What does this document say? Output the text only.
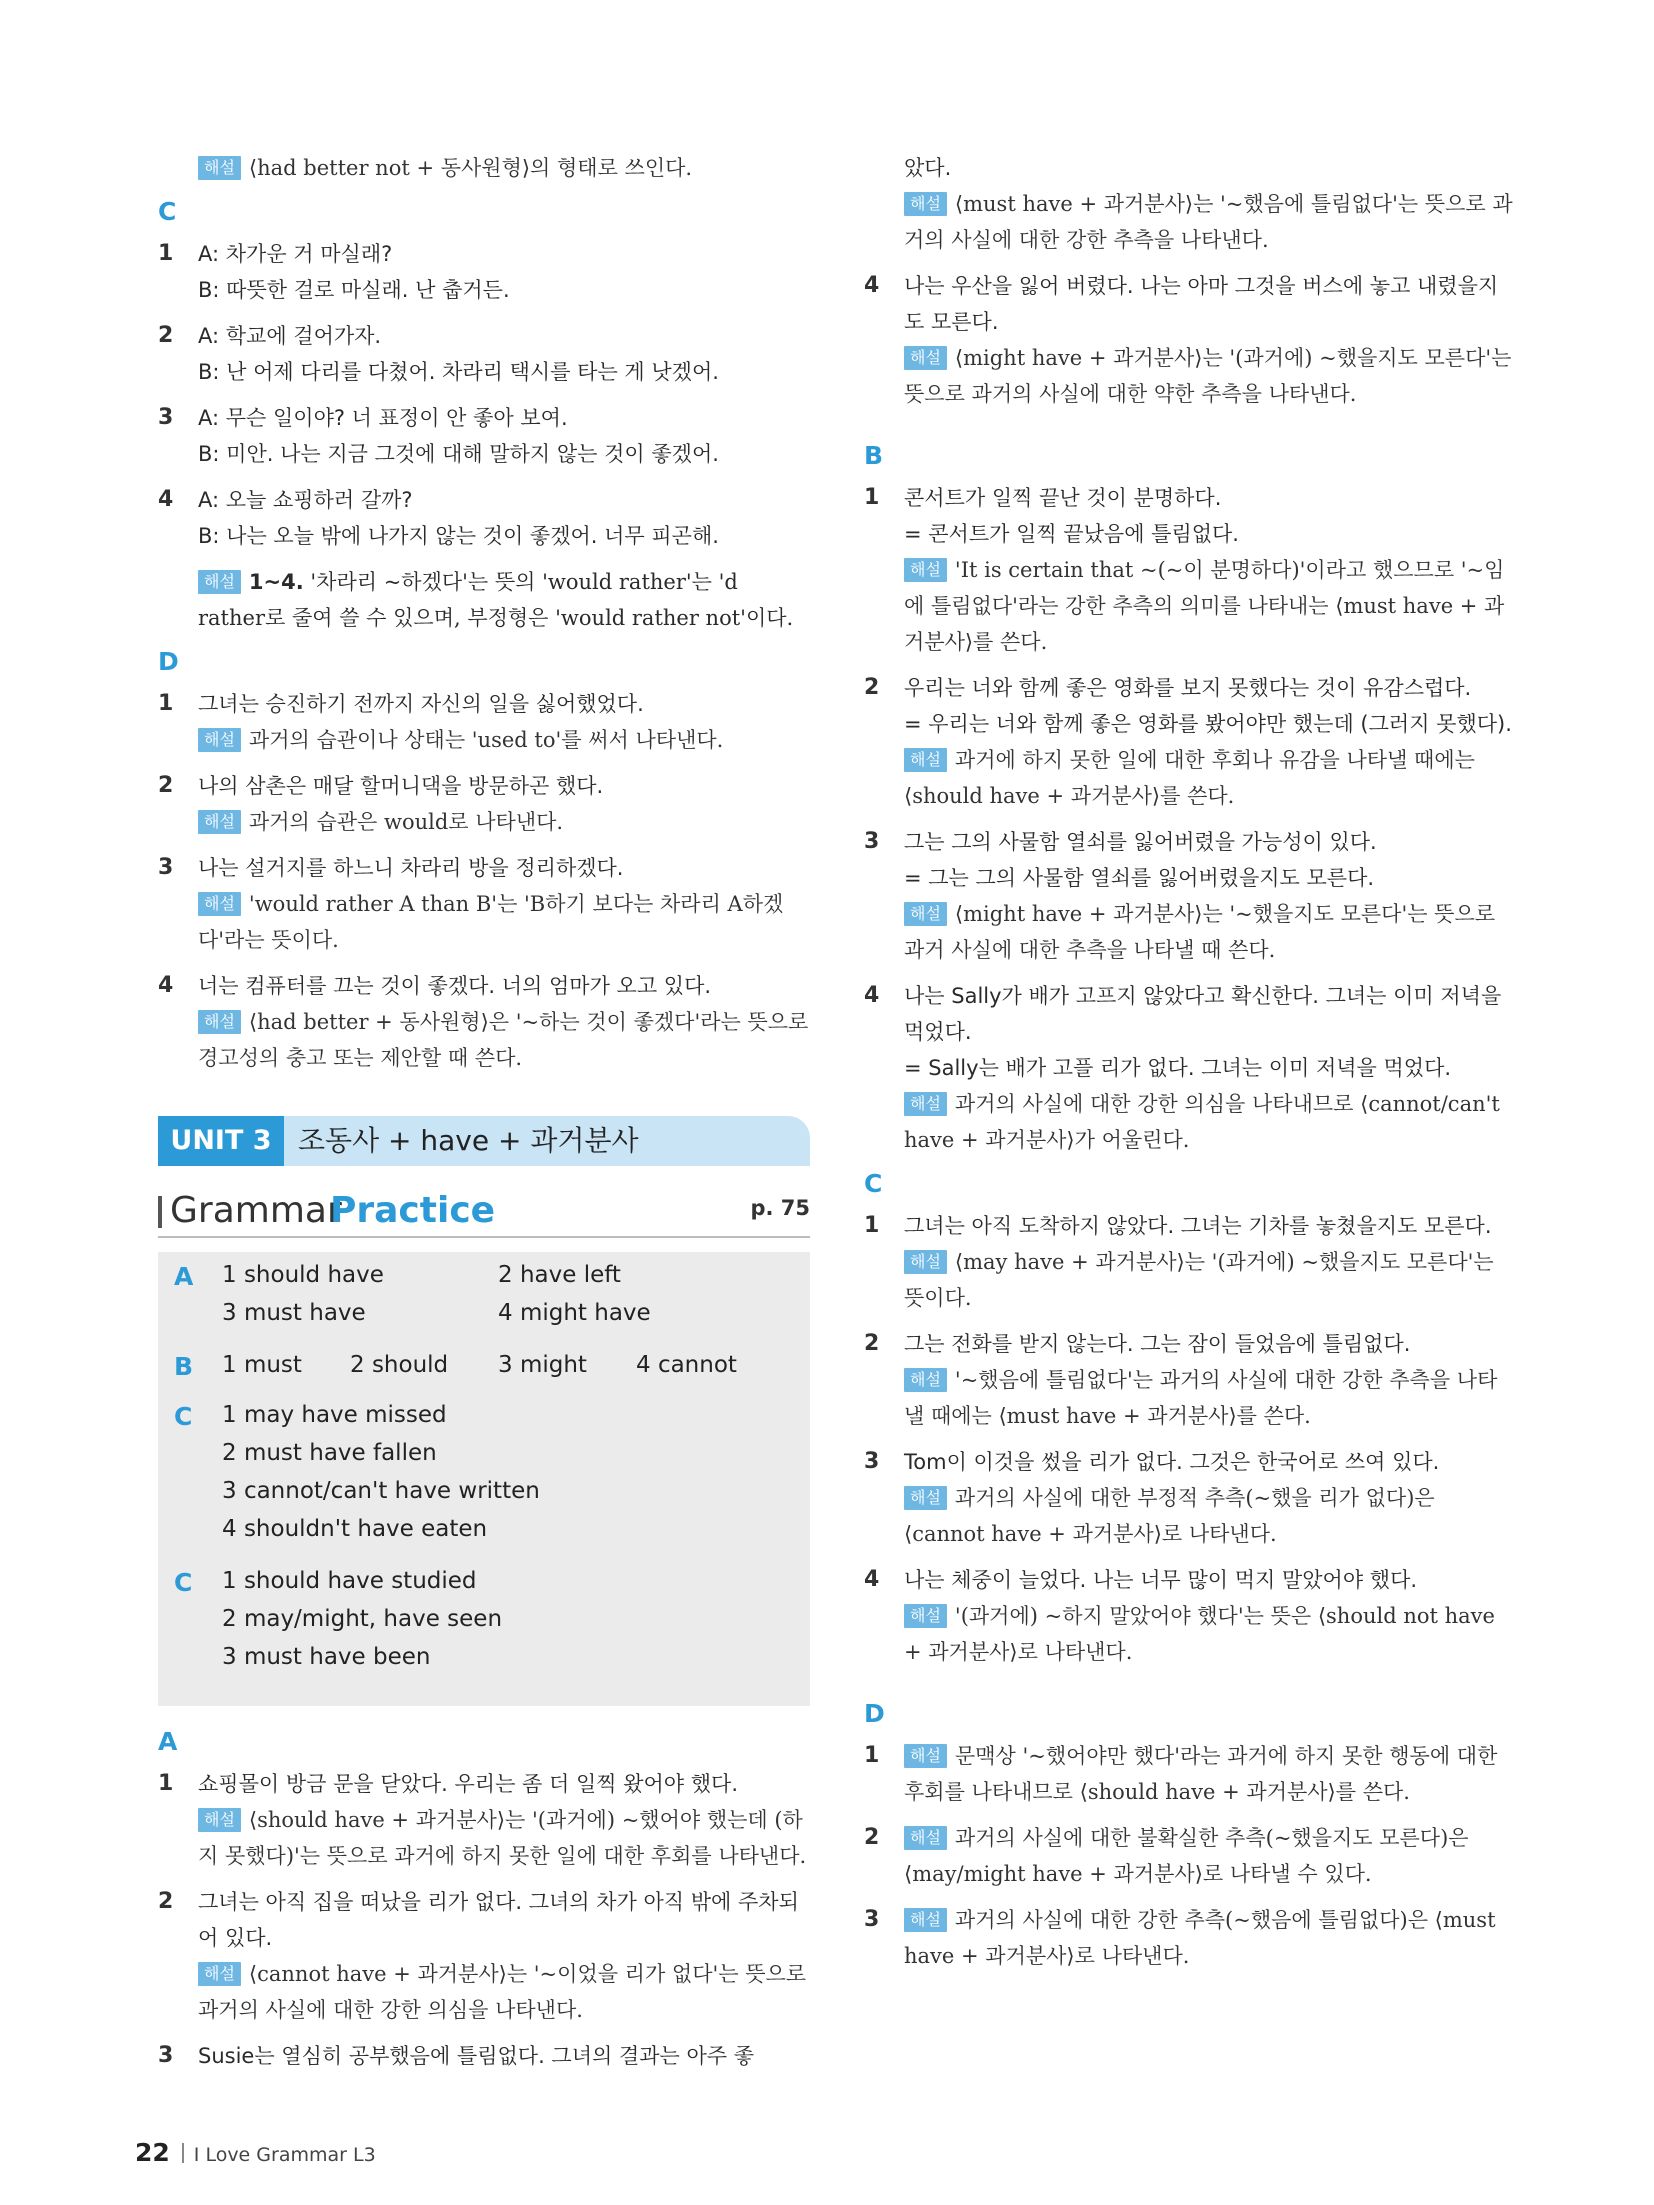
해설 ⟨had better not + 동사원형⟩의 형태로 쓰인다.
C
1	A: 차가운 거 마실래?
B: 따뜻한 걸로 마실래. 난 춥거든.
2	A: 학교에 걸어가자.
B: 난 어제 다리를 다쳤어. 차라리 택시를 타는 게 낫겠어.
3	A: 무슨 일이야? 너 표정이 안 좋아 보여.
B: 미안. 나는 지금 그것에 대해 말하지 않는 것이 좋겠어.
4	A: 오늘 쇼핑하러 갈까?
B: 나는 오늘 밖에 나가지 않는 것이 좋겠어. 너무 피곤해.
해설 1~4. '차라리 ~하겠다'는 뜻의 'would rather'는 'd rather로 줄여 쓸 수 있으며, 부정형은 'would rather not'이다.
D
1	그녀는 승진하기 전까지 자신의 일을 싫어했었다.
해설 과거의 습관이나 상태는 'used to'를 써서 나타낸다.
2	나의 삼촌은 매달 할머니댁을 방문하곤 했다.
해설 과거의 습관은 would로 나타낸다.
3	나는 설거지를 하느니 차라리 방을 정리하겠다.
해설 'would rather A than B'는 'B하기 보다는 차라리 A하겠다'라는 뜻이다.
4	너는 컴퓨터를 끄는 것이 좋겠다. 너의 엄마가 오고 있다.
해설 ⟨had better + 동사원형⟩은 '~하는 것이 좋겠다'라는 뜻으로 경고성의 충고 또는 제안할 때 쓴다.
UNIT 3 조동사 + have + 과거분사
Grammar
Practice	p. 75
A 1 should have	2 have left
3 must have	4 might have
B 1 must 2 should 3 might 4 cannot
C 1 may have missed
2 must have fallen
3 cannot/can't have written
4 shouldn't have eaten
C 1 should have studied
2 may/might, have seen
3 must have been
A
1	쇼핑몰이 방금 문을 닫았다. 우리는 좀 더 일찍 왔어야 했다.
해설 ⟨should have + 과거분사⟩는 '(과거에) ~했어야 했는데 (하지 못했다)'는 뜻으로 과거에 하지 못한 일에 대한 후회를 나타낸다.
2	그녀는 아직 집을 떠났을 리가 없다. 그녀의 차가 아직 밖에 주차되어 있다.
해설 ⟨cannot have + 과거분사⟩는 '~이었을 리가 없다'는 뜻으로 과거의 사실에 대한 강한 의심을 나타낸다.
3	Susie는 열심히 공부했음에 틀림없다. 그녀의 결과는 아주 좋
았다.
해설 ⟨must have + 과거분사⟩는 '~했음에 틀림없다'는 뜻으로 과거의 사실에 대한 강한 추측을 나타낸다.
4	나는 우산을 잃어 버렸다. 나는 아마 그것을 버스에 놓고 내렸을지도 모른다.
해설 ⟨might have + 과거분사⟩는 '(과거에) ~했을지도 모른다'는 뜻으로 과거의 사실에 대한 약한 추측을 나타낸다.
B
1	콘서트가 일찍 끝난 것이 분명하다.
= 콘서트가 일찍 끝났음에 틀림없다.
해설 'It is certain that ~(~이 분명하다)'이라고 했으므로 '~임에 틀림없다'라는 강한 추측의 의미를 나타내는 ⟨must have + 과거분사⟩를 쓴다.
2	우리는 너와 함께 좋은 영화를 보지 못했다는 것이 유감스럽다.
= 우리는 너와 함께 좋은 영화를 봤어야만 했는데 (그러지 못했다).
해설 과거에 하지 못한 일에 대한 후회나 유감을 나타낼 때에는 ⟨should have + 과거분사⟩를 쓴다.
3	그는 그의 사물함 열쇠를 잃어버렸을 가능성이 있다.
= 그는 그의 사물함 열쇠를 잃어버렸을지도 모른다.
해설 ⟨might have + 과거분사⟩는 '~했을지도 모른다'는 뜻으로 과거 사실에 대한 추측을 나타낼 때 쓴다.
4	나는 Sally가 배가 고프지 않았다고 확신한다. 그녀는 이미 저녁을 먹었다.
= Sally는 배가 고플 리가 없다. 그녀는 이미 저녁을 먹었다.
해설 과거의 사실에 대한 강한 의심을 나타내므로 ⟨cannot/can't have + 과거분사⟩가 어울린다.
C
1	그녀는 아직 도착하지 않았다. 그녀는 기차를 놓쳤을지도 모른다.
해설 ⟨may have + 과거분사⟩는 '(과거에) ~했을지도 모른다'는 뜻이다.
2	그는 전화를 받지 않는다. 그는 잠이 들었음에 틀림없다.
해설 '~했음에 틀림없다'는 과거의 사실에 대한 강한 추측을 나타낼 때에는 ⟨must have + 과거분사⟩를 쓴다.
3	Tom이 이것을 썼을 리가 없다. 그것은 한국어로 쓰여 있다.
해설 과거의 사실에 대한 부정적 추측(~했을 리가 없다)은 ⟨cannot have + 과거분사⟩로 나타낸다.
4	나는 체중이 늘었다. 나는 너무 많이 먹지 말았어야 했다.
해설 '(과거에) ~하지 말았어야 했다'는 뜻은 ⟨should not have + 과거분사⟩로 나타낸다.
D
1	해설 문맥상 '~했어야만 했다'라는 과거에 하지 못한 행동에 대한 후회를 나타내므로 ⟨should have + 과거분사⟩를 쓴다.
2	해설 과거의 사실에 대한 불확실한 추측(~했을지도 모른다)은 ⟨may/might have + 과거분사⟩로 나타낼 수 있다.
3	해설 과거의 사실에 대한 강한 추측(~했음에 틀림없다)은 ⟨must have + 과거분사⟩로 나타낸다.
22 I Love Grammar L3
